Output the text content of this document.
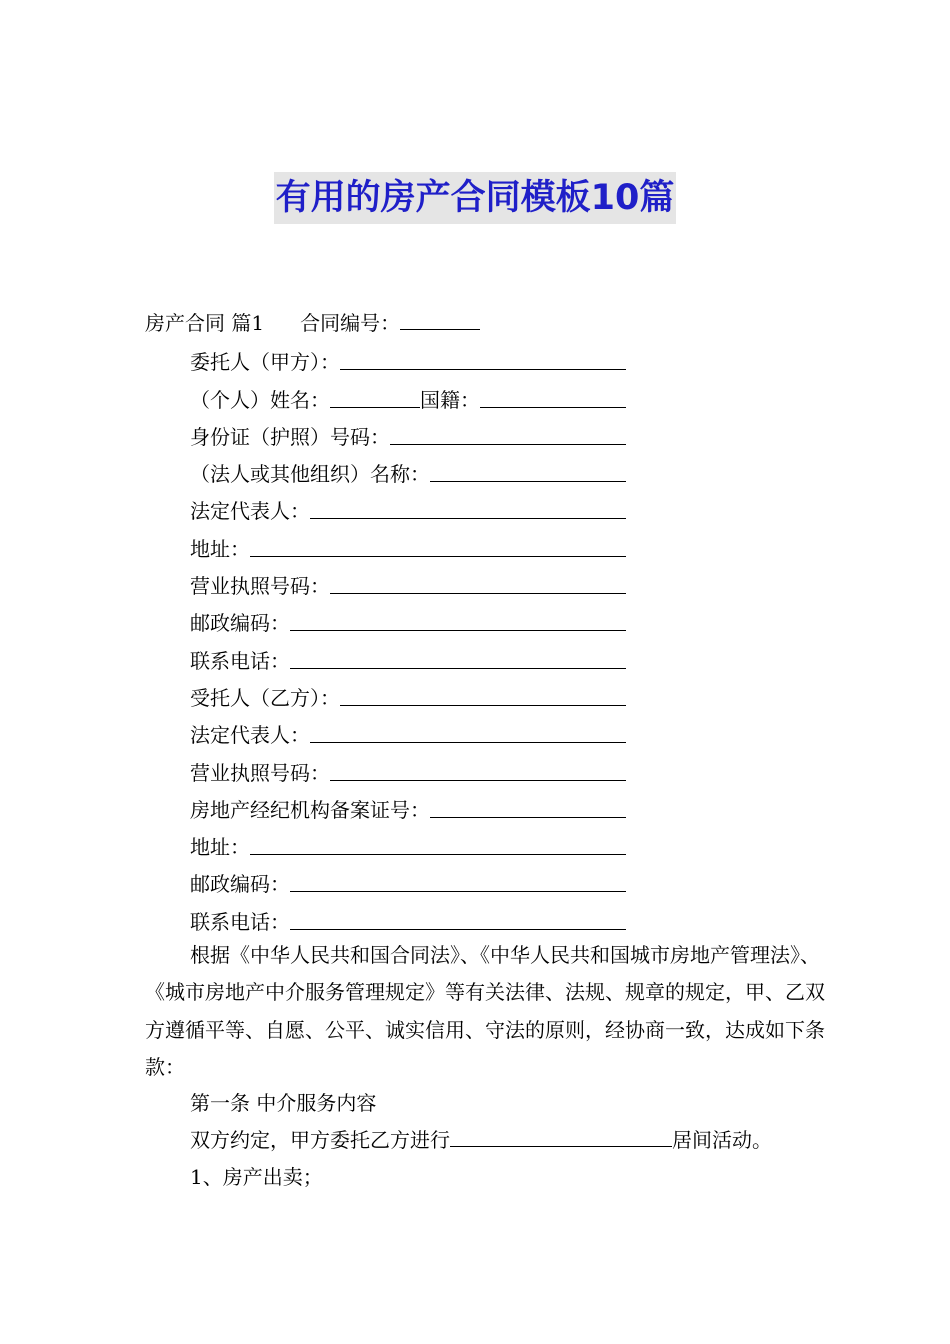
有用的房产合同模板10篇
房产合同 篇1 合同编号：
委托人（甲方）：
（个人）姓名：	国籍：
身份证（护照）号码：
（法人或其他组织）名称：
法定代表人：
地址：
营业执照号码：
邮政编码：
联系电话：
受托人（乙方）：
法定代表人：
营业执照号码：
房地产经纪机构备案证号：
地址：
邮政编码：
联系电话：
根据《中华人民共和国合同法》、《中华人民共和国城市房地产管理法》、《城市房地产中介服务管理规定》等有关法律、法规、规章的规定，甲、乙双方遵循平等、自愿、公平、诚实信用、守法的原则，经协商一致，达成如下条款：
第一条 中介服务内容
双方约定，甲方委托乙方进行	居间活动。
1、房产出卖；
